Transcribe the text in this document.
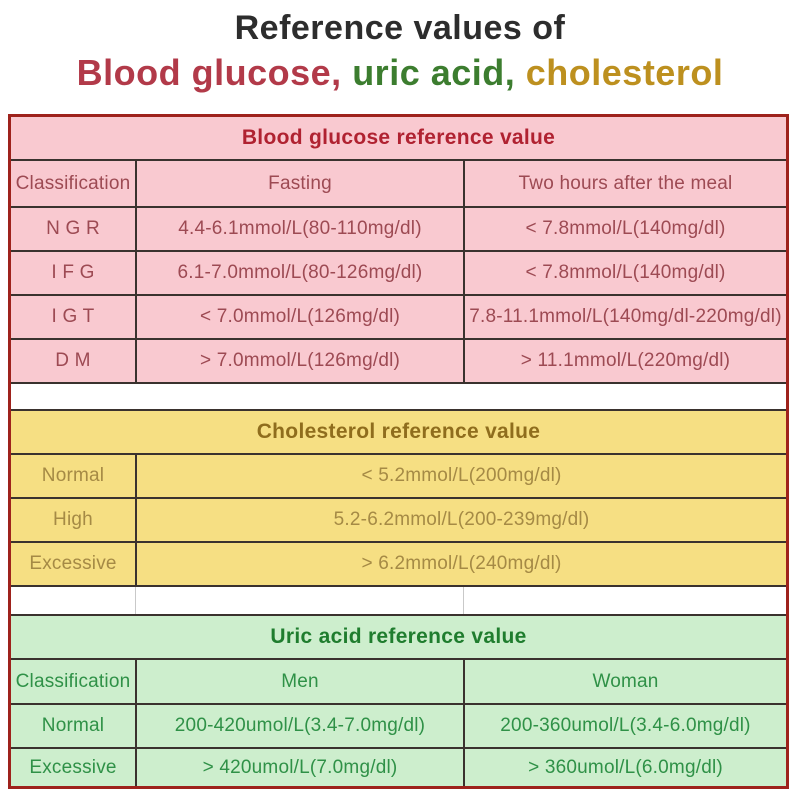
Reference values of
Blood glucose, uric acid, cholesterol
Blood glucose reference value
Classification	Fasting	Two hours after the meal
N G R	4.4-6.1mmol/L(80-110mg/dl)	< 7.8mmol/L(140mg/dl)
I F G	6.1-7.0mmol/L(80-126mg/dl)	< 7.8mmol/L(140mg/dl)
I G T	< 7.0mmol/L(126mg/dl)	7.8-11.1mmol/L(140mg/dl-220mg/dl)
D M	> 7.0mmol/L(126mg/dl)	> 11.1mmol/L(220mg/dl)
Cholesterol reference value
Normal	< 5.2mmol/L(200mg/dl)
High	5.2-6.2mmol/L(200-239mg/dl)
Excessive	> 6.2mmol/L(240mg/dl)
Uric acid reference value
Classification	Men	Woman
Normal	200-420umol/L(3.4-7.0mg/dl)	200-360umol/L(3.4-6.0mg/dl)
Excessive	> 420umol/L(7.0mg/dl)	> 360umol/L(6.0mg/dl)
